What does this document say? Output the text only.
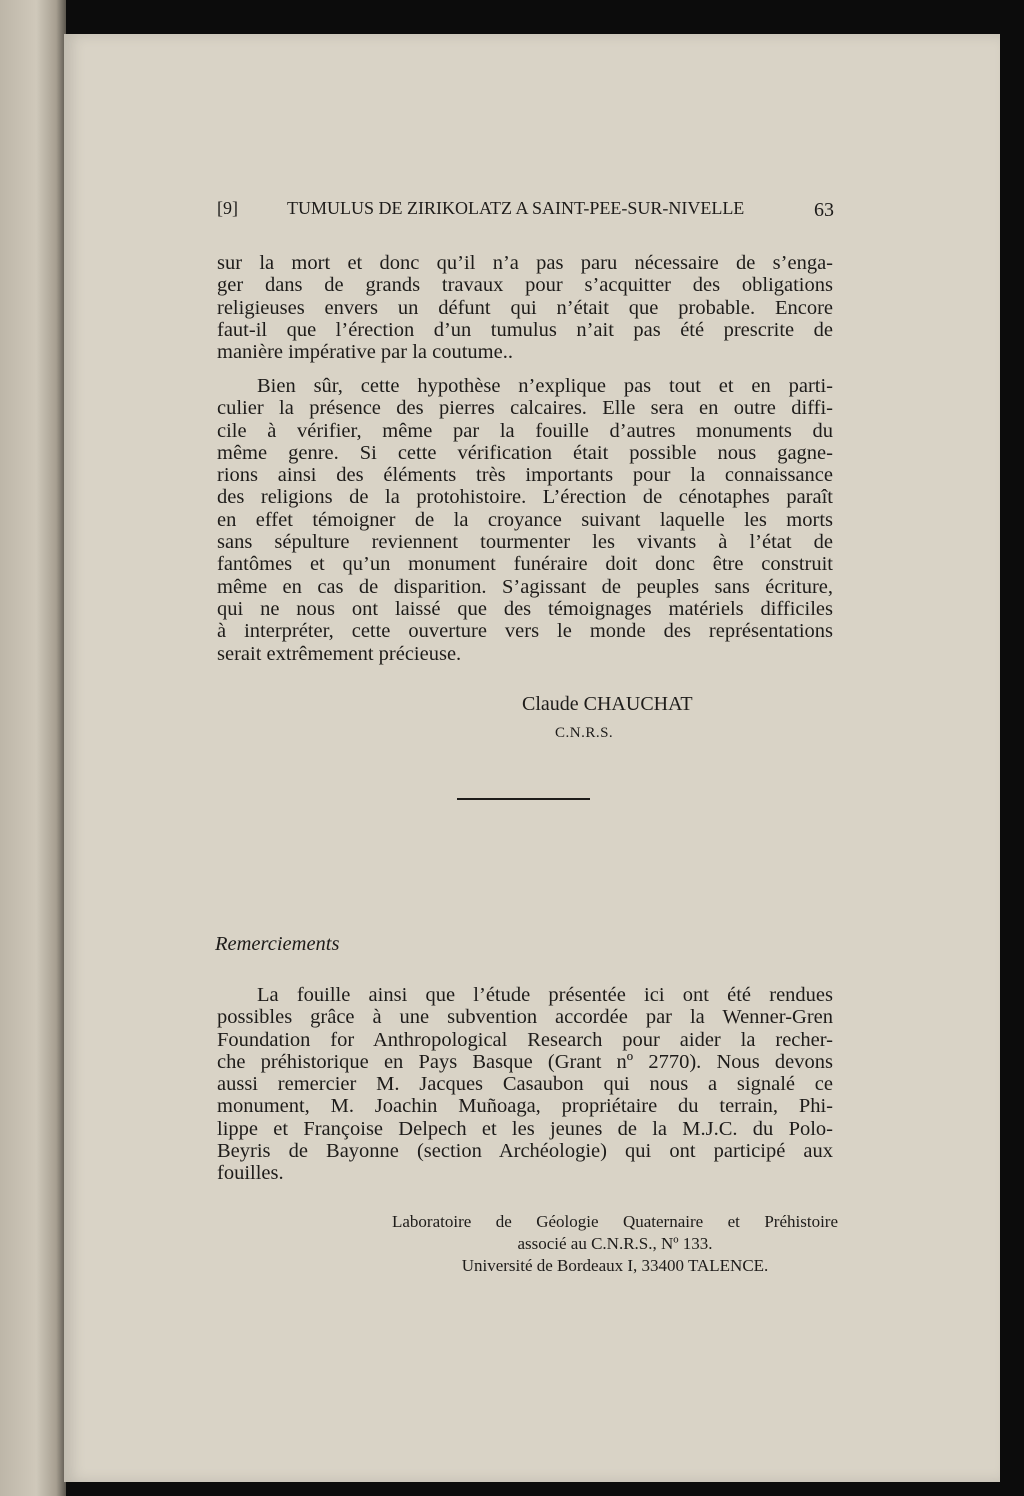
[9]	TUMULUS DE ZIRIKOLATZ A SAINT-PEE-SUR-NIVELLE	63
sur la mort et donc qu’il n’a pas paru nécessaire de s’enga-
ger dans de grands travaux pour s’acquitter des obligations
religieuses envers un défunt qui n’était que probable. Encore
faut-il que l’érection d’un tumulus n’ait pas été prescrite de
manière impérative par la coutume..
Bien sûr, cette hypothèse n’explique pas tout et en parti-
culier la présence des pierres calcaires. Elle sera en outre diffi-
cile à vérifier, même par la fouille d’autres monuments du
même genre. Si cette vérification était possible nous gagne-
rions ainsi des éléments très importants pour la connaissance
des religions de la protohistoire. L’érection de cénotaphes paraît
en effet témoigner de la croyance suivant laquelle les morts
sans sépulture reviennent tourmenter les vivants à l’état de
fantômes et qu’un monument funéraire doit donc être construit
même en cas de disparition. S’agissant de peuples sans écriture,
qui ne nous ont laissé que des témoignages matériels difficiles
à interpréter, cette ouverture vers le monde des représentations
serait extrêmement précieuse.
Claude CHAUCHAT
C.N.R.S.
Remerciements
La fouille ainsi que l’étude présentée ici ont été rendues
possibles grâce à une subvention accordée par la Wenner-Gren
Foundation for Anthropological Research pour aider la recher-
che préhistorique en Pays Basque (Grant nº 2770). Nous devons
aussi remercier M. Jacques Casaubon qui nous a signalé ce
monument, M. Joachin Muñoaga, propriétaire du terrain, Phi-
lippe et Françoise Delpech et les jeunes de la M.J.C. du Polo-
Beyris de Bayonne (section Archéologie) qui ont participé aux
fouilles.
Laboratoire de Géologie Quaternaire et Préhistoire
associé au C.N.R.S., Nº 133.
Université de Bordeaux I, 33400 TALENCE.
